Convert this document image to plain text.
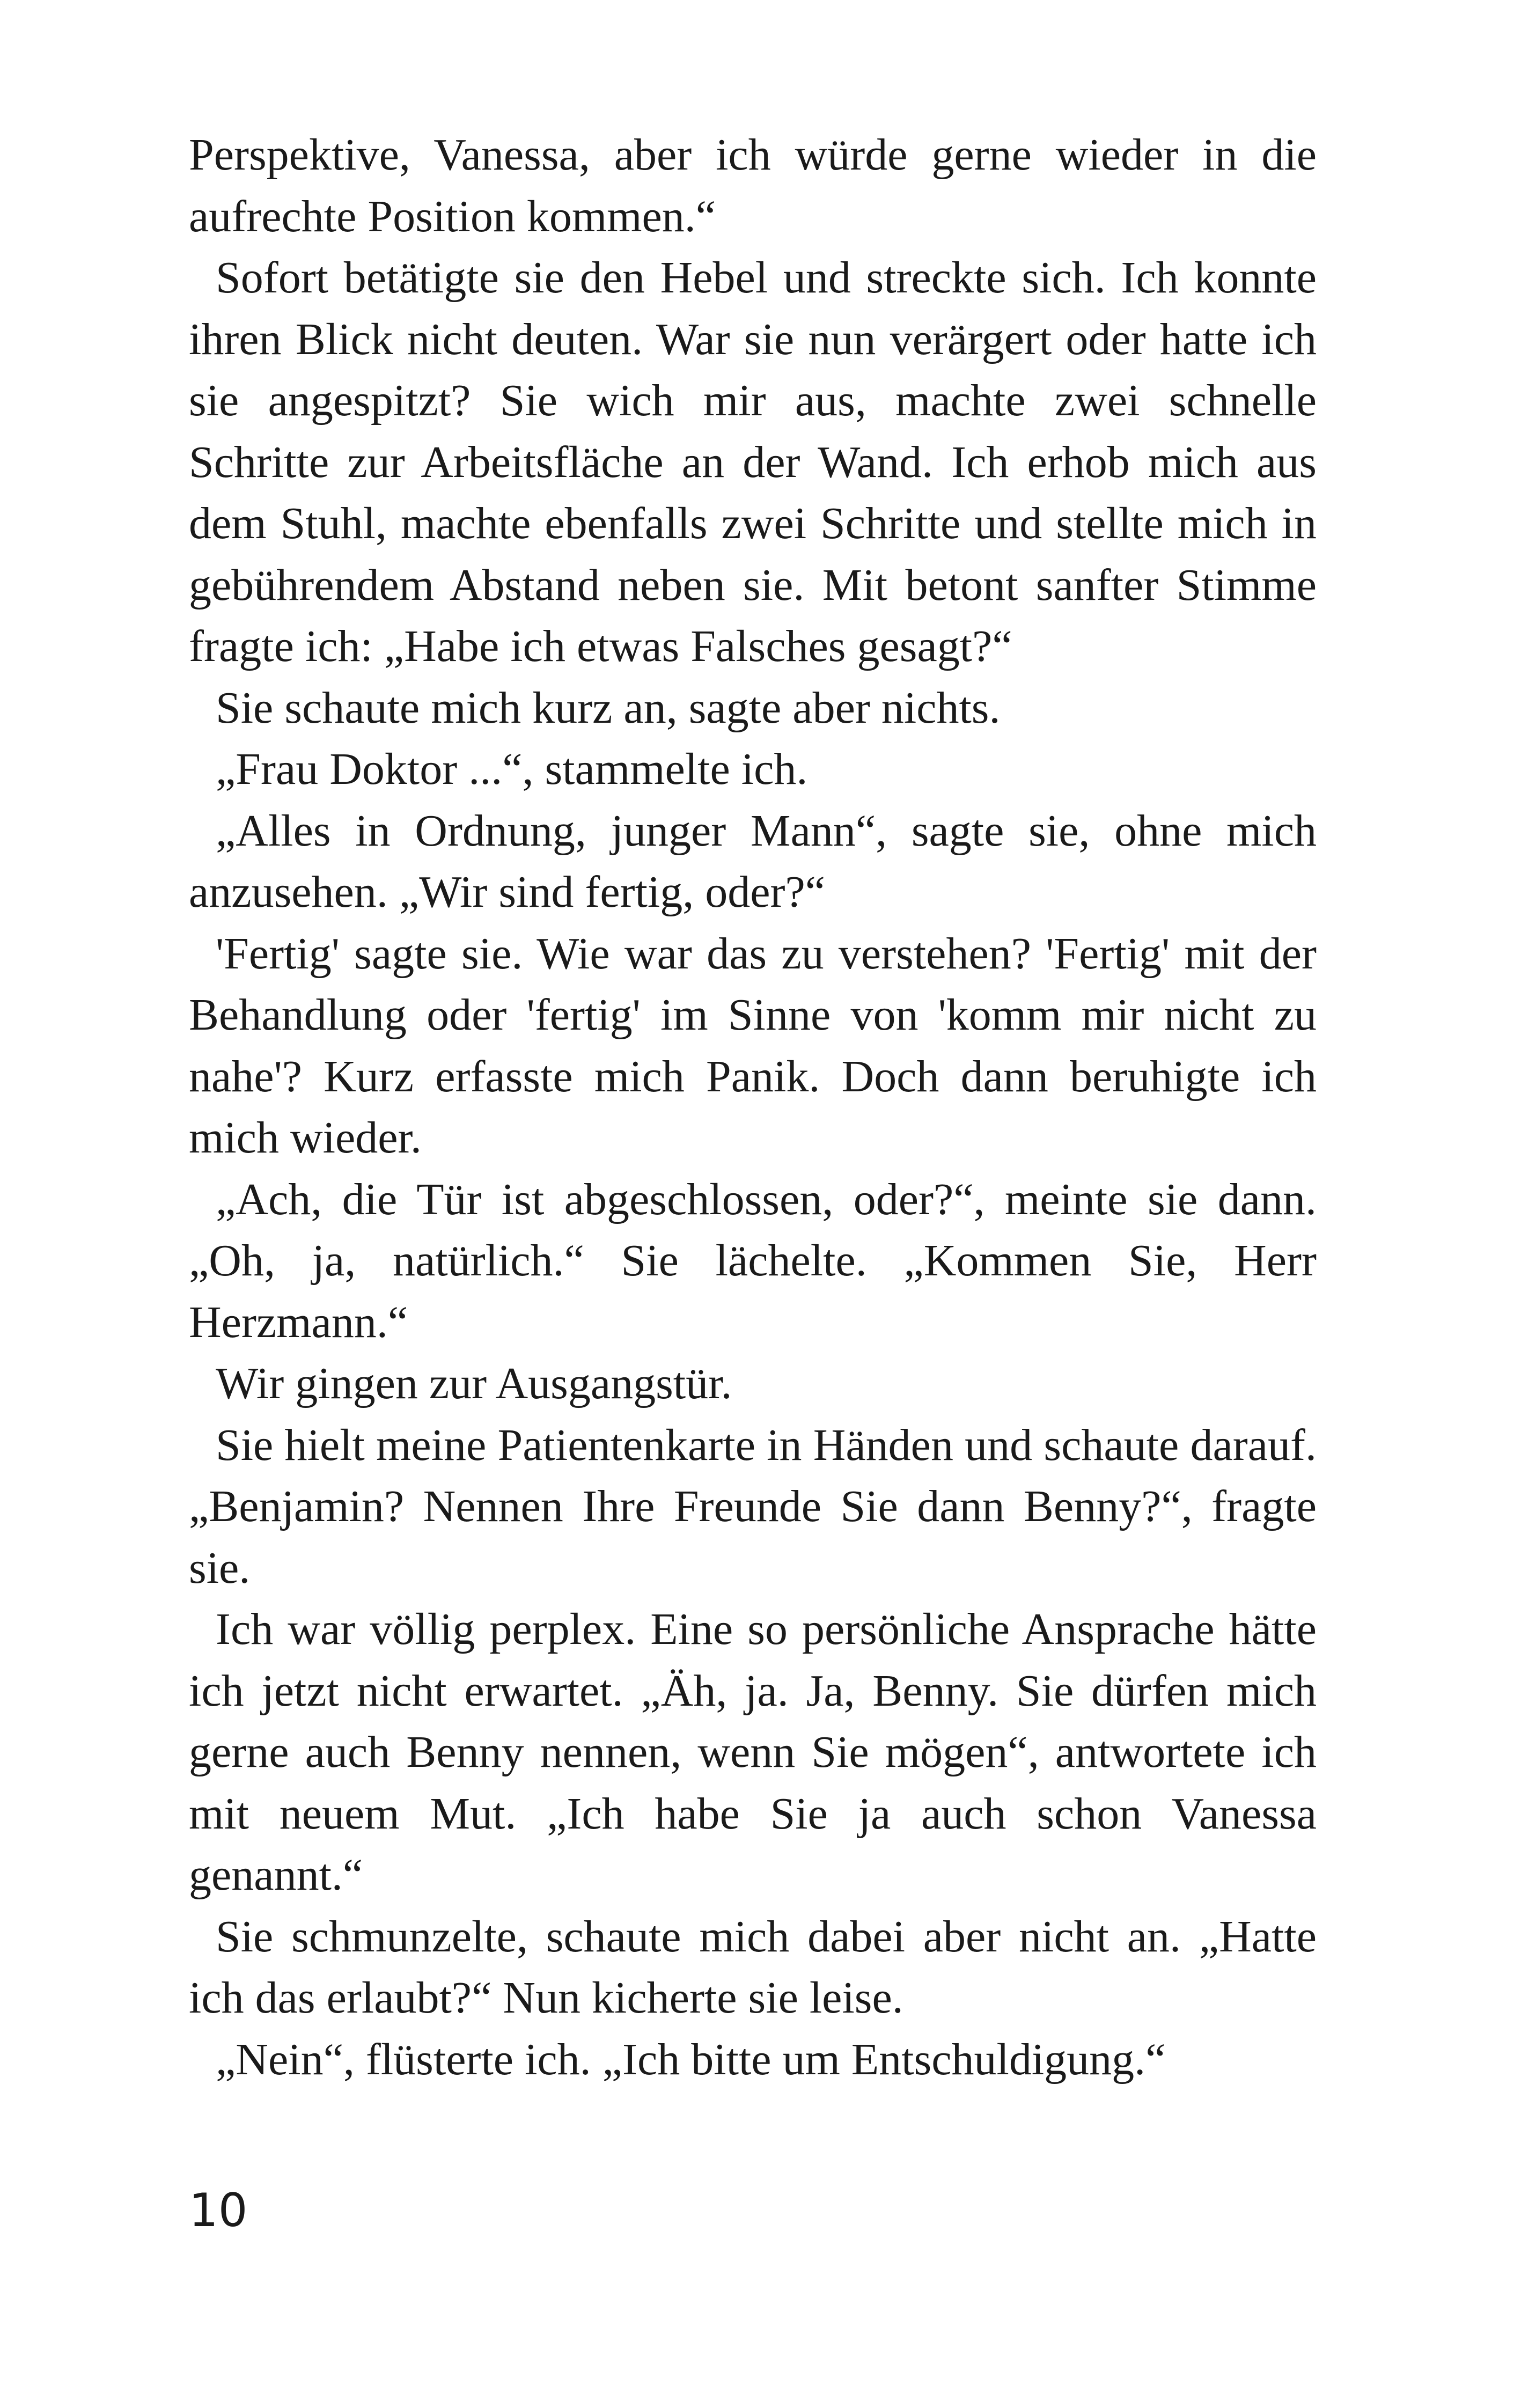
Perspektive, Vanessa, aber ich würde gerne wieder in die aufrechte Position kommen.“

Sofort betätigte sie den Hebel und streckte sich. Ich konnte ihren Blick nicht deuten. War sie nun verärgert oder hatte ich sie angespitzt? Sie wich mir aus, machte zwei schnelle Schritte zur Arbeitsfläche an der Wand. Ich erhob mich aus dem Stuhl, machte ebenfalls zwei Schritte und stellte mich in gebührendem Abstand neben sie. Mit betont sanfter Stimme fragte ich: „Habe ich etwas Falsches gesagt?“

Sie schaute mich kurz an, sagte aber nichts.

„Frau Doktor ...“, stammelte ich.

„Alles in Ordnung, junger Mann“, sagte sie, ohne mich anzusehen. „Wir sind fertig, oder?“

'Fertig' sagte sie. Wie war das zu verstehen? 'Fertig' mit der Behandlung oder 'fertig' im Sinne von 'komm mir nicht zu nahe'? Kurz erfasste mich Panik. Doch dann beruhigte ich mich wieder.

„Ach, die Tür ist abgeschlossen, oder?“, meinte sie dann. „Oh, ja, natürlich.“ Sie lächelte. „Kommen Sie, Herr Herzmann.“

Wir gingen zur Ausgangstür.

Sie hielt meine Patientenkarte in Händen und schaute darauf. „Benjamin? Nennen Ihre Freunde Sie dann Benny?“, fragte sie.

Ich war völlig perplex. Eine so persönliche Ansprache hätte ich jetzt nicht erwartet. „Äh, ja. Ja, Benny. Sie dürfen mich gerne auch Benny nennen, wenn Sie mögen“, antwortete ich mit neuem Mut. „Ich habe Sie ja auch schon Vanessa genannt.“

Sie schmunzelte, schaute mich dabei aber nicht an. „Hatte ich das erlaubt?“ Nun kicherte sie leise.

„Nein“, flüsterte ich. „Ich bitte um Entschuldigung.“

10
